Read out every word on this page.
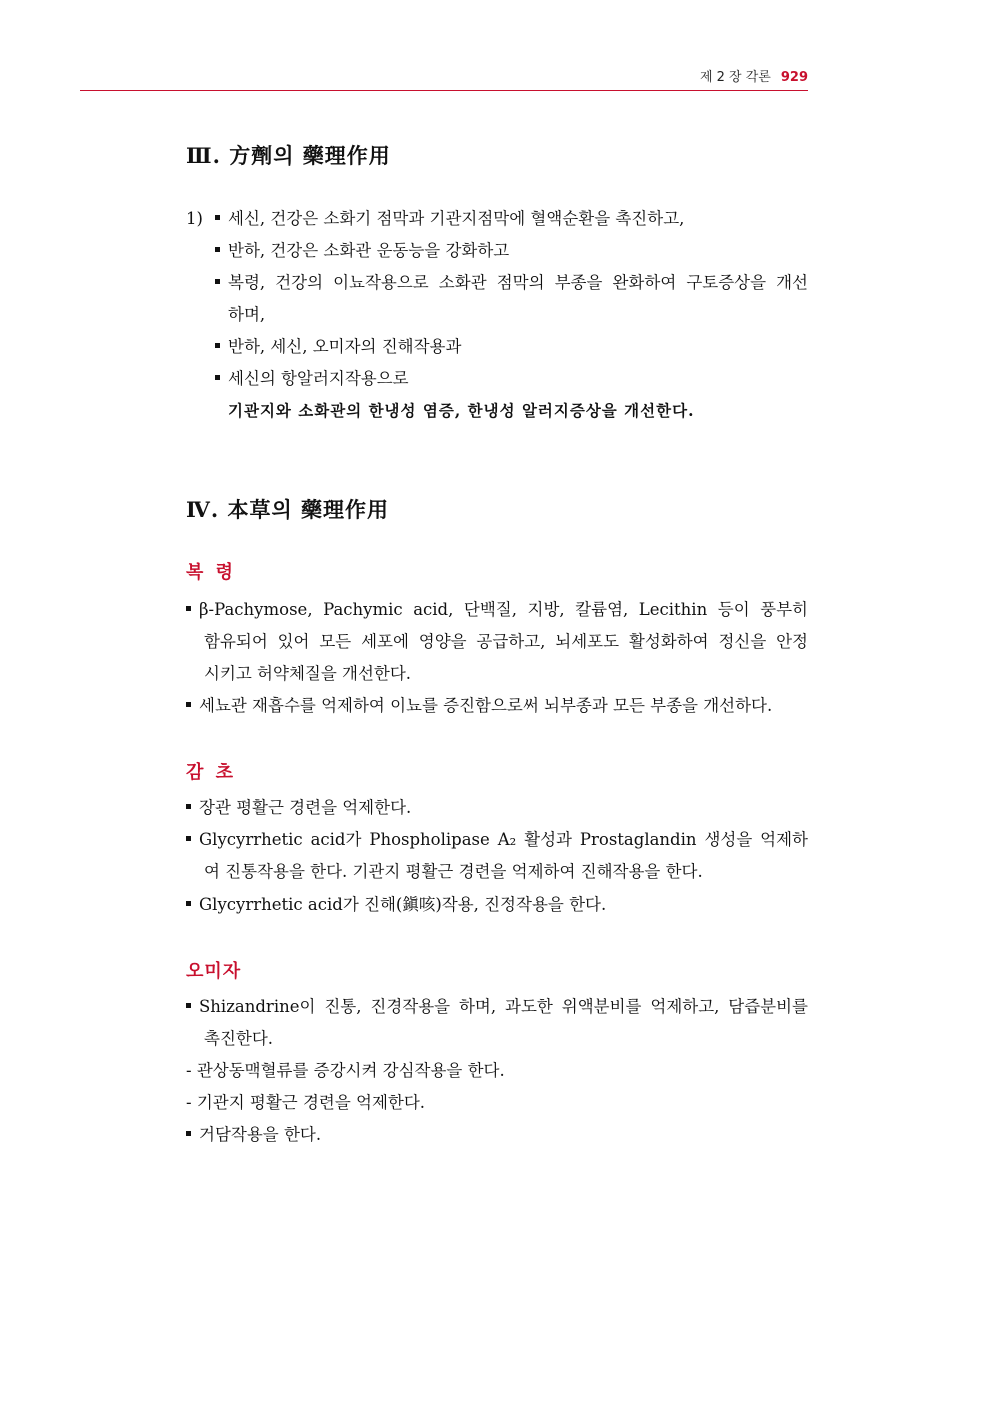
제 2 장 각론 929
Ⅲ. 方劑의 藥理作用
1)	세신, 건강은 소화기 점막과 기관지점막에 혈액순환을 촉진하고,
반하, 건강은 소화관 운동능을 강화하고
복령, 건강의 이뇨작용으로 소화관 점막의 부종을 완화하여 구토증상을 개선
하며,
반하, 세신, 오미자의 진해작용과
세신의 항알러지작용으로
기관지와 소화관의 한냉성 염증, 한냉성 알러지증상을 개선한다.
Ⅳ. 本草의 藥理作用
복 령
β-Pachymose, Pachymic acid, 단백질, 지방, 칼륨염, Lecithin 등이 풍부히
함유되어 있어 모든 세포에 영양을 공급하고, 뇌세포도 활성화하여 정신을 안정
시키고 허약체질을 개선한다.
세뇨관 재흡수를 억제하여 이뇨를 증진함으로써 뇌부종과 모든 부종을 개선하다.
감 초
장관 평활근 경련을 억제한다.
Glycyrrhetic acid가 Phospholipase A₂ 활성과 Prostaglandin 생성을 억제하
여 진통작용을 한다. 기관지 평활근 경련을 억제하여 진해작용을 한다.
Glycyrrhetic acid가 진해(鎭咳)작용, 진정작용을 한다.
오미자
Shizandrine이 진통, 진경작용을 하며, 과도한 위액분비를 억제하고, 담즙분비를
촉진한다.
- 관상동맥혈류를 증강시켜 강심작용을 한다.
- 기관지 평활근 경련을 억제한다.
거담작용을 한다.
